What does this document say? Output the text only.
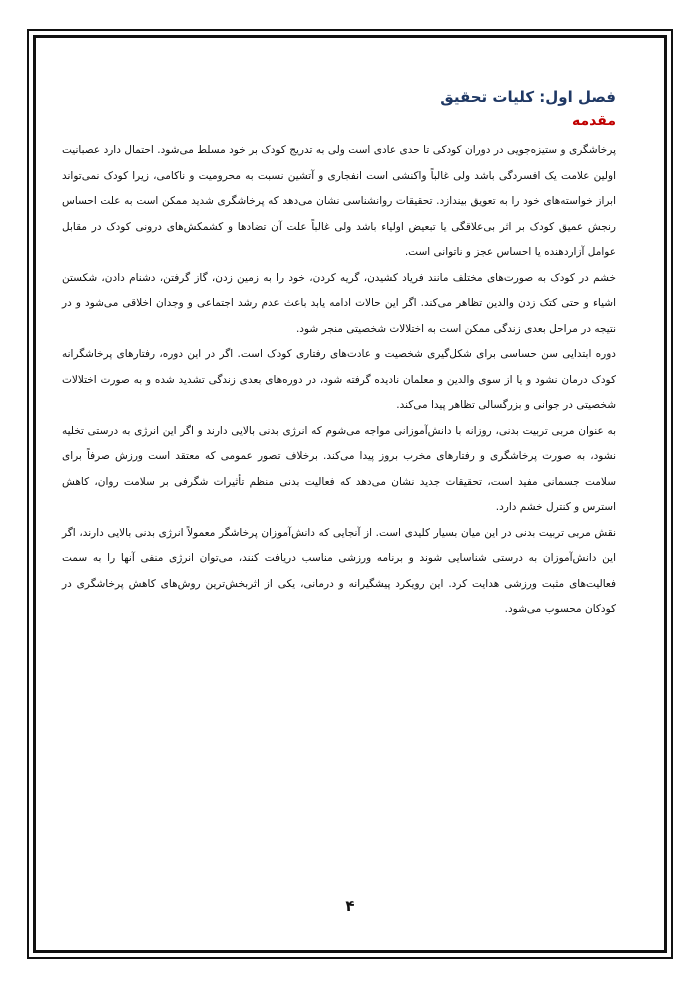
فصل اول: کلیات تحقیق
مقدمه

پرخاشگری و ستیزه‌جویی در دوران کودکی تا حدی عادی است ولی به تدریج کودک بر خود مسلط می‌شود. احتمال دارد عصبانیت اولین علامت یک افسردگی باشد ولی غالباً واکنشی است انفجاری و آتشین نسبت به محرومیت و ناکامی، زیرا کودک نمی‌تواند ابراز خواسته‌های خود را به تعویق بیندازد. تحقیقات روانشناسی نشان می‌دهد که پرخاشگری شدید ممکن است به علت احساس رنجش عمیق کودک بر اثر بی‌علاقگی یا تبعیض اولیاء باشد ولی غالباً علت آن تضادها و کشمکش‌های درونی کودک در مقابل عوامل آزاردهنده یا احساس عجز و ناتوانی است.

خشم در کودک به صورت‌های مختلف مانند فریاد کشیدن، گریه کردن، خود را به زمین زدن، گاز گرفتن، دشنام دادن، شکستن اشیاء و حتی کتک زدن والدین تظاهر می‌کند. اگر این حالات ادامه یابد باعث عدم رشد اجتماعی و وجدان اخلاقی می‌شود و در نتیجه در مراحل بعدی زندگی ممکن است به اختلالات شخصیتی منجر شود.

دوره ابتدایی سن حساسی برای شکل‌گیری شخصیت و عادت‌های رفتاری کودک است. اگر در این دوره، رفتارهای پرخاشگرانه کودک درمان نشود و یا از سوی والدین و معلمان نادیده گرفته شود، در دوره‌های بعدی زندگی تشدید شده و به صورت اختلالات شخصیتی در جوانی و بزرگسالی تظاهر پیدا می‌کند.

به عنوان مربی تربیت بدنی، روزانه با دانش‌آموزانی مواجه می‌شوم که انرژی بدنی بالایی دارند و اگر این انرژی به درستی تخلیه نشود، به صورت پرخاشگری و رفتارهای مخرب بروز پیدا می‌کند. برخلاف تصور عمومی که معتقد است ورزش صرفاً برای سلامت جسمانی مفید است، تحقیقات جدید نشان می‌دهد که فعالیت بدنی منظم تأثیرات شگرفی بر سلامت روان، کاهش استرس و کنترل خشم دارد.

نقش مربی تربیت بدنی در این میان بسیار کلیدی است. از آنجایی که دانش‌آموزان پرخاشگر معمولاً انرژی بدنی بالایی دارند، اگر این دانش‌آموزان به درستی شناسایی شوند و برنامه ورزشی مناسب دریافت کنند، می‌توان انرژی منفی آنها را به سمت فعالیت‌های مثبت ورزشی هدایت کرد. این رویکرد پیشگیرانه و درمانی، یکی از اثربخش‌ترین روش‌های کاهش پرخاشگری در کودکان محسوب می‌شود.

۴
